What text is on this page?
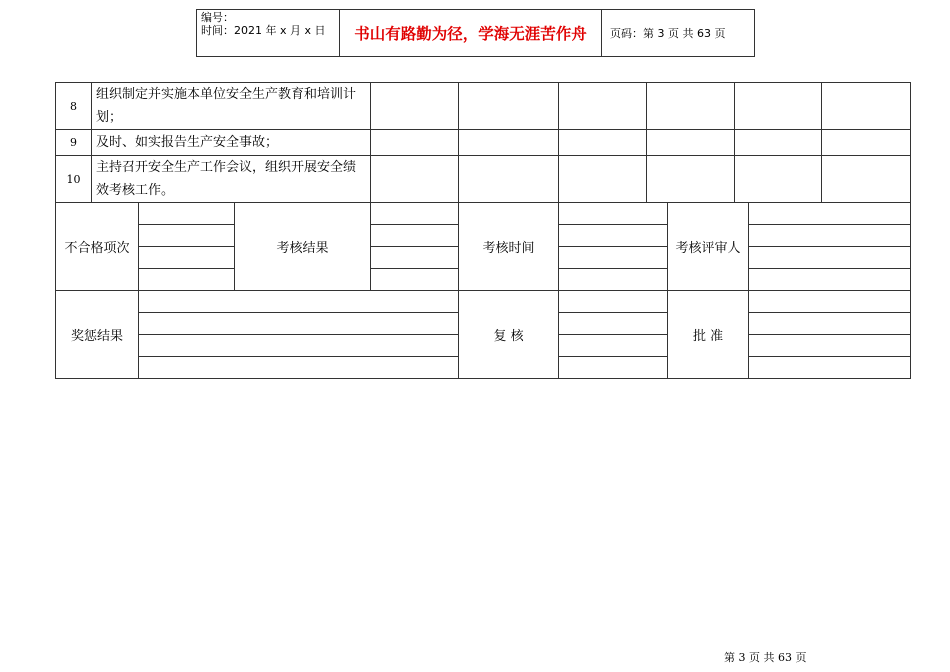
编号：
时间：2021 年 x 月 x 日	书山有路勤为径，学海无涯苦作舟	页码：第 3 页 共 63 页
8	组织制定并实施本单位安全生产教育和培训计划；										
9	及时、如实报告生产安全事故；										
10	主持召开安全生产工作会议，组织开展安全绩效考核工作。										
不合格项次			考核结果		考核时间			考核评审人			

奖惩结果					复 核			批 准			

第 3 页 共 63 页
